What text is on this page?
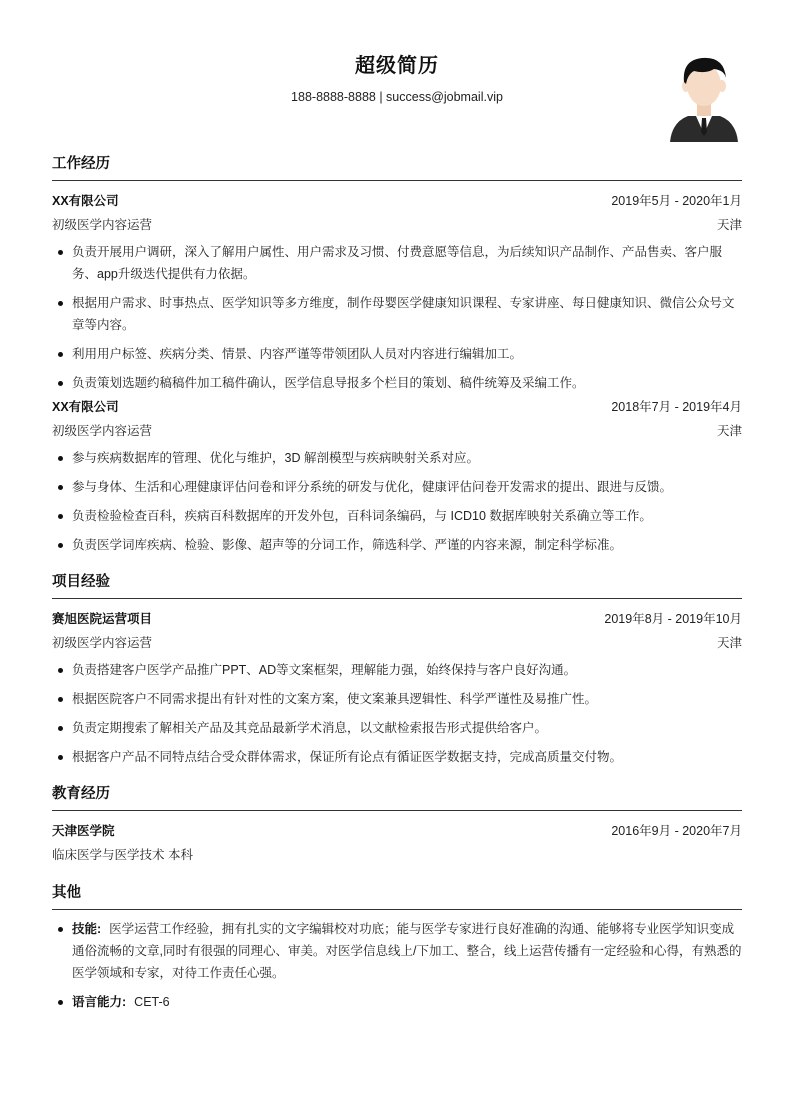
超级简历
188-8888-8888 | success@jobmail.vip
工作经历
XX有限公司	2019年5月 - 2020年1月
初级医学内容运营	天津
负责开展用户调研，深入了解用户属性、用户需求及习惯、付费意愿等信息，为后续知识产品制作、产品售卖、客户服务、app升级迭代提供有力依据。
根据用户需求、时事热点、医学知识等多方维度，制作母婴医学健康知识课程、专家讲座、每日健康知识、微信公众号文章等内容。
利用用户标签、疾病分类、情景、内容严谨等带领团队人员对内容进行编辑加工。
负责策划选题约稿稿件加工稿件确认，医学信息导报多个栏目的策划、稿件统筹及采编工作。
XX有限公司	2018年7月 - 2019年4月
初级医学内容运营	天津
参与疾病数据库的管理、优化与维护，3D 解剖模型与疾病映射关系对应。
参与身体、生活和心理健康评估问卷和评分系统的研发与优化，健康评估问卷开发需求的提出、跟进与反馈。
负责检验检查百科，疾病百科数据库的开发外包，百科词条编码，与 ICD10 数据库映射关系确立等工作。
负责医学词库疾病、检验、影像、超声等的分词工作，筛选科学、严谨的内容来源，制定科学标准。
项目经验
赛旭医院运营项目	2019年8月 - 2019年10月
初级医学内容运营	天津
负责搭建客户医学产品推广PPT、AD等文案框架，理解能力强，始终保持与客户良好沟通。
根据医院客户不同需求提出有针对性的文案方案，使文案兼具逻辑性、科学严谨性及易推广性。
负责定期搜索了解相关产品及其竞品最新学术消息，以文献检索报告形式提供给客户。
根据客户产品不同特点结合受众群体需求，保证所有论点有循证医学数据支持，完成高质量交付物。
教育经历
天津医学院	2016年9月 - 2020年7月
临床医学与医学技术 本科
其他
技能: 医学运营工作经验，拥有扎实的文字编辑校对功底；能与医学专家进行良好准确的沟通、能够将专业医学知识变成通俗流畅的文章,同时有很强的同理心、审美。对医学信息线上/下加工、整合，线上运营传播有一定经验和心得，有熟悉的医学领域和专家，对待工作责任心强。
语言能力: CET-6
